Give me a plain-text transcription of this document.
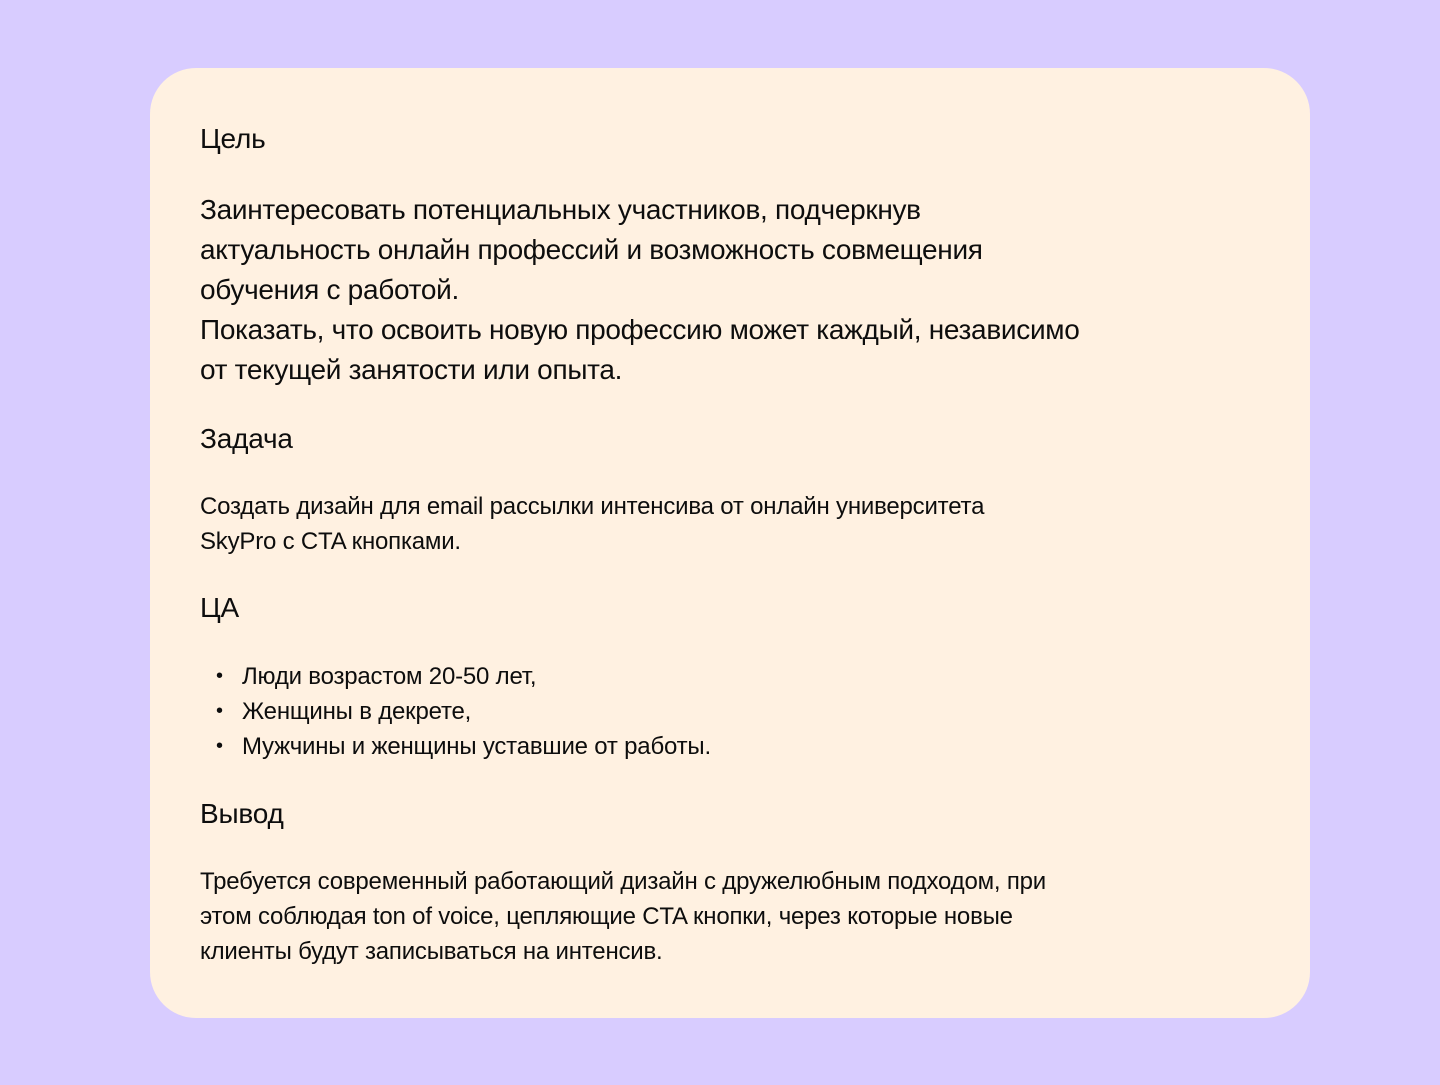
Цель

Заинтересовать потенциальных участников, подчеркнув

актуальность онлайн профессий и возможность совмещения

обучения с работой.

Показать, что освоить новую профессию может каждый, независимо

от текущей занятости или опыта.

Задача

Создать дизайн для email рассылки интенсива от онлайн университета

SkyPro с CTA кнопками.

ЦА
• Люди возрастом 20-50 лет,
• Женщины в декрете,
• Мужчины и женщины уставшие от работы.
Вывод

Требуется современный работающий дизайн с дружелюбным подходом, при

этом соблюдая ton of voice, цепляющие CTA кнопки, через которые новые

клиенты будут записываться на интенсив.
